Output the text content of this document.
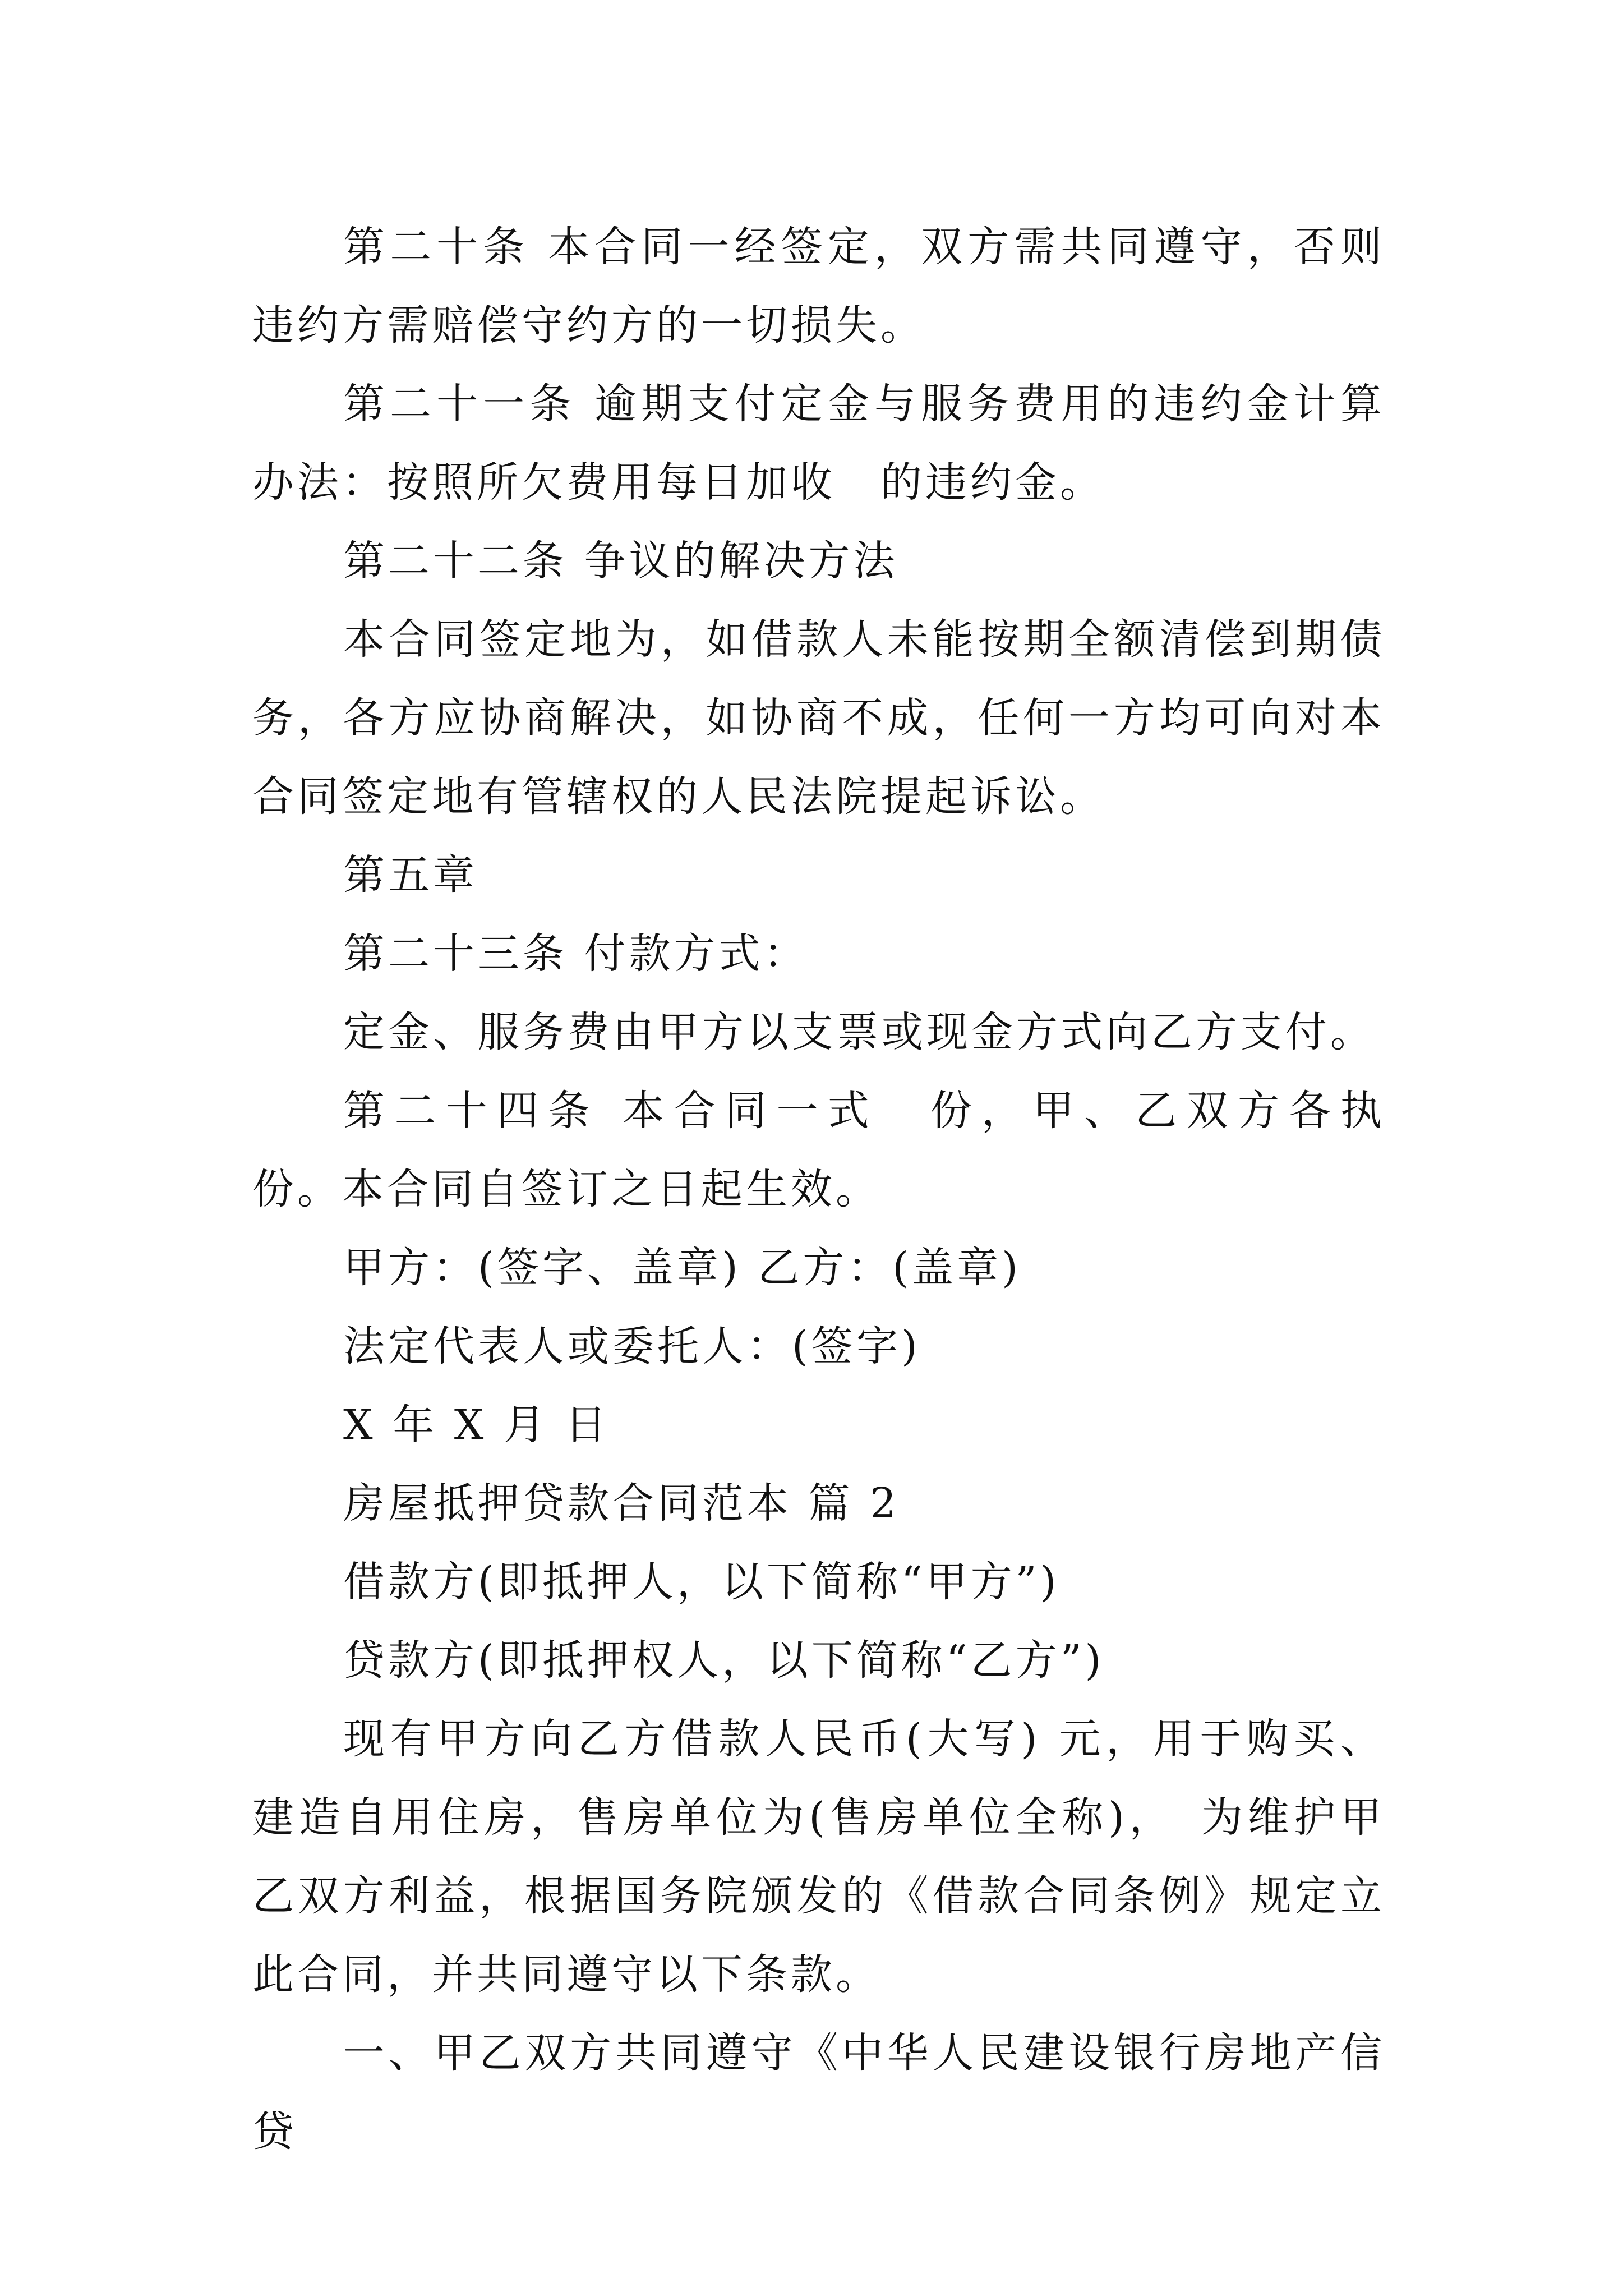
第二十条 本合同一经签定，双方需共同遵守，否则违约方需赔偿守约方的一切损失。

第二十一条 逾期支付定金与服务费用的违约金计算办法：按照所欠费用每日加收　的违约金。

第二十二条 争议的解决方法

本合同签定地为，如借款人未能按期全额清偿到期债务，各方应协商解决，如协商不成，任何一方均可向对本合同签定地有管辖权的人民法院提起诉讼。

第五章

第二十三条 付款方式：

定金、服务费由甲方以支票或现金方式向乙方支付。

第二十四条 本合同一式　份，甲、乙双方各执　份。本合同自签订之日起生效。

甲方：(签字、盖章) 乙方：(盖章)

法定代表人或委托人：(签字)

X 年 X 月 日

房屋抵押贷款合同范本 篇 2

借款方(即抵押人，以下简称“甲方”)

贷款方(即抵押权人，以下简称“乙方”)

现有甲方向乙方借款人民币(大写) 元，用于购买、建造自用住房，售房单位为(售房单位全称)，　为维护甲乙双方利益，根据国务院颁发的《借款合同条例》规定立此合同，并共同遵守以下条款。

一、甲乙双方共同遵守《中华人民建设银行房地产信贷
